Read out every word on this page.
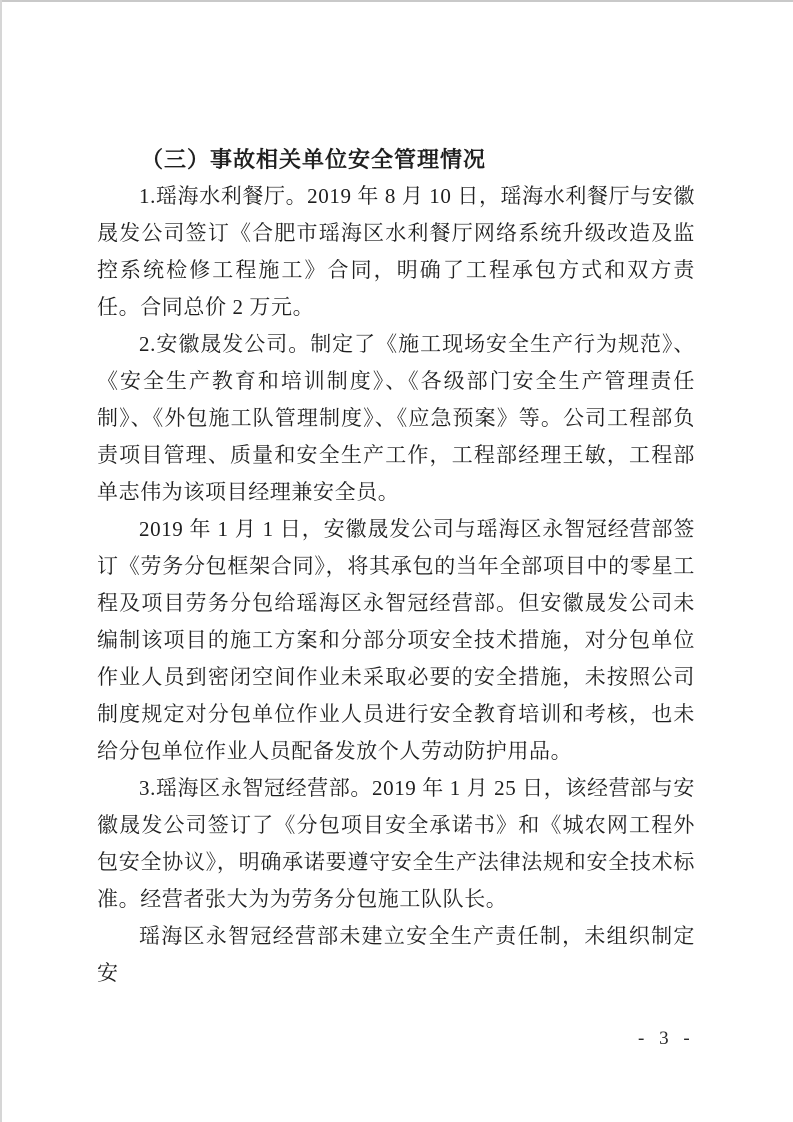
（三）事故相关单位安全管理情况

1.瑶海水利餐厅。2019 年 8 月 10 日，瑶海水利餐厅与安徽晟发公司签订《合肥市瑶海区水利餐厅网络系统升级改造及监控系统检修工程施工》合同，明确了工程承包方式和双方责任。合同总价 2 万元。

2.安徽晟发公司。制定了《施工现场安全生产行为规范》、《安全生产教育和培训制度》、《各级部门安全生产管理责任制》、《外包施工队管理制度》、《应急预案》等。公司工程部负责项目管理、质量和安全生产工作，工程部经理王敏，工程部单志伟为该项目经理兼安全员。

2019 年 1 月 1 日，安徽晟发公司与瑶海区永智冠经营部签订《劳务分包框架合同》，将其承包的当年全部项目中的零星工程及项目劳务分包给瑶海区永智冠经营部。但安徽晟发公司未编制该项目的施工方案和分部分项安全技术措施，对分包单位作业人员到密闭空间作业未采取必要的安全措施，未按照公司制度规定对分包单位作业人员进行安全教育培训和考核，也未给分包单位作业人员配备发放个人劳动防护用品。

3.瑶海区永智冠经营部。2019 年 1 月 25 日，该经营部与安徽晟发公司签订了《分包项目安全承诺书》和《城农网工程外包安全协议》，明确承诺要遵守安全生产法律法规和安全技术标准。经营者张大为为劳务分包施工队队长。

瑶海区永智冠经营部未建立安全生产责任制，未组织制定安

- 3 -
